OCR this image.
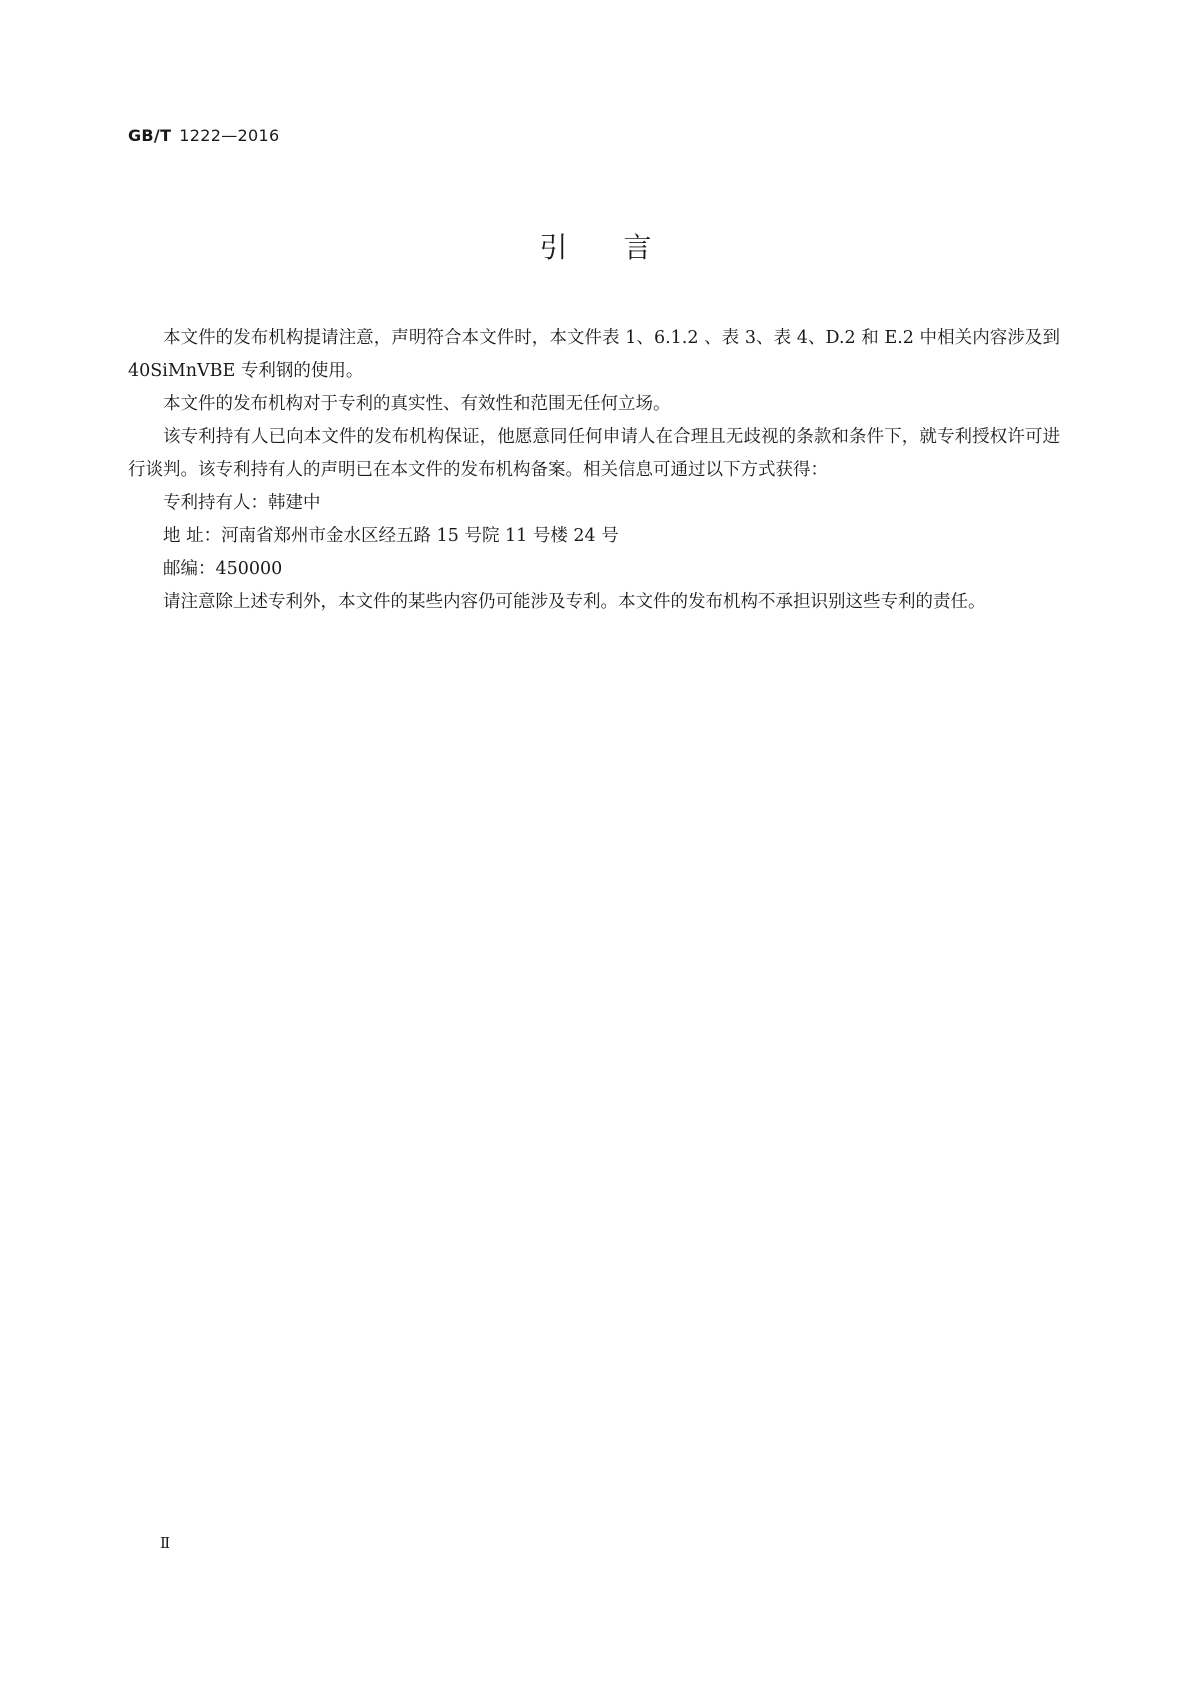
GB/T 1222—2016
引言

本文件的发布机构提请注意，声明符合本文件时，本文件表 1、6.1.2 、表 3、表 4、D.2 和 E.2 中相关内容涉及到 40SiMnVBE 专利钢的使用。

本文件的发布机构对于专利的真实性、有效性和范围无任何立场。

该专利持有人已向本文件的发布机构保证，他愿意同任何申请人在合理且无歧视的条款和条件下，就专利授权许可进行谈判。该专利持有人的声明已在本文件的发布机构备案。相关信息可通过以下方式获得：

专利持有人：韩建中

地 址：河南省郑州市金水区经五路 15 号院 11 号楼 24 号

邮编：450000

请注意除上述专利外，本文件的某些内容仍可能涉及专利。本文件的发布机构不承担识别这些专利的责任。

Ⅱ
